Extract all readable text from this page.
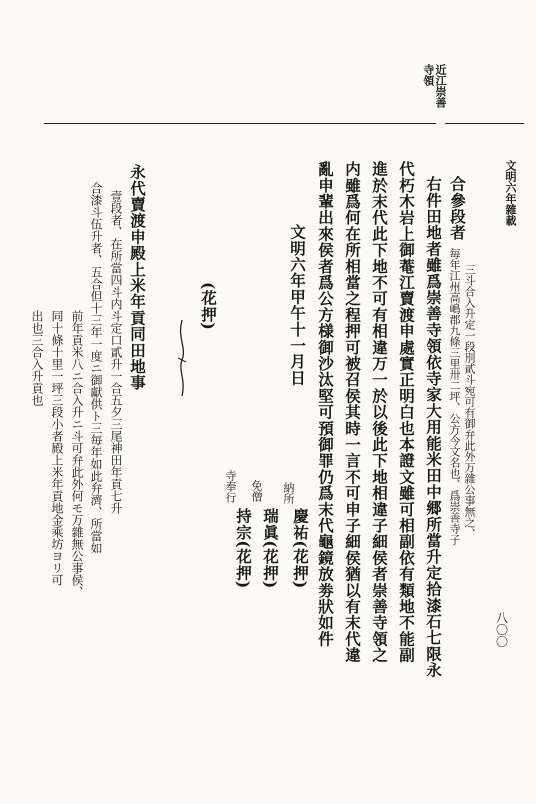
近江崇善
寺領
文明六年雜載
八〇〇
合參段者
毎年江州高嶋郡九條三里卅二坪、公方今文名也、爲崇善寺子 三斗合入升定一段別貳斗宛可有御弁此外万雜公事無之、
右件田地者雖爲崇善寺領依寺家大用能米田中郷所當升定拾漆石七限永
代朽木岩上御菴江賣渡申處實正明白也本證文雖可相副依有類地不能副
進於末代此下地不可有相違万一於以後此下地相違子細侯者崇善寺領之
内雖爲何在所相當之程押可被召侯其時一言不可申子細侯猶以有末代違
亂申輩出來侯者爲公方様御沙汰堅可預御罪仍爲末代龜鏡放劵狀如件
文明六年甲午十一月日
納所
慶祐(花押)
免僧
瑞眞(花押)
寺奉行
持宗(花押)
(花押)
永代賣渡申殿上米年貢同田地事
壹段者、在所當四斗内斗定口貳升一合五夕三尾神田年貢七升
合漆斗伍升者、五合但十三年一度ニ御獻供ト三毎年如此弁濟、所當如
前年貢米八ニ合入升ニ斗可弁此外何モ万雜無公事侯、
同十條十里一坪三段小者殿上米年貢地金乘坊ヨリ可
出也三合入升貢也
